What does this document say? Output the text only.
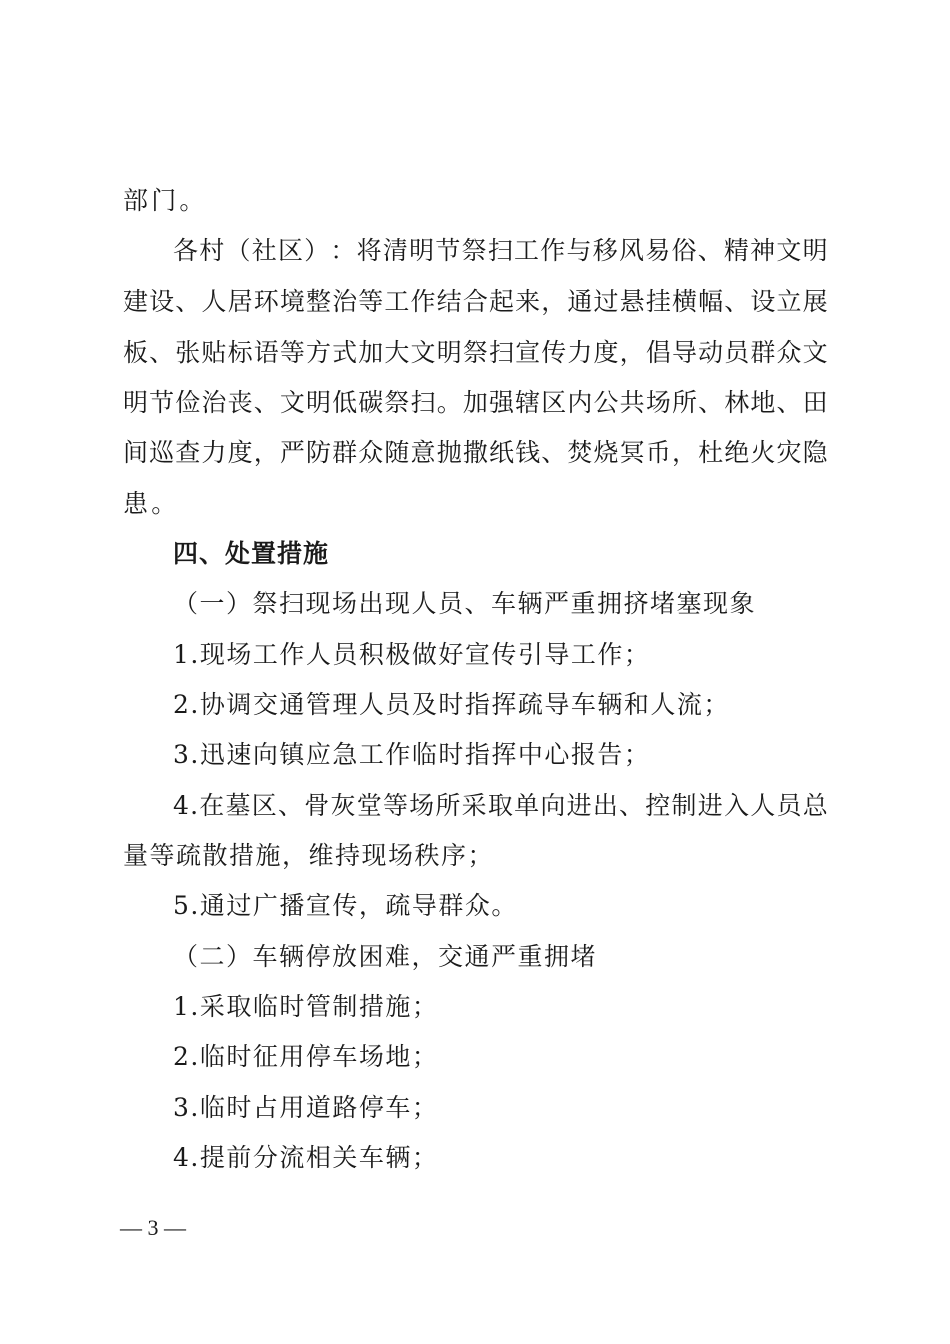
部门。
各 村 （ 社 区 ） ： 将 清 明 节 祭 扫 工 作 与 移 风 易 俗 、 精 神 文 明
建 设 、 人 居 环 境 整 治 等 工 作 结 合 起 来 ， 通 过 悬 挂 横 幅 、 设 立 展
板 、 张 贴 标 语 等 方 式 加 大 文 明 祭 扫 宣 传 力 度 ， 倡 导 动 员 群 众 文
明 节 俭 治 丧 、 文 明 低 碳 祭 扫 。 加 强 辖 区 内 公 共 场 所 、 林 地 、 田
间 巡 查 力 度 ， 严 防 群 众 随 意 抛 撒 纸 钱 、 焚 烧 冥 币 ， 杜 绝 火 灾 隐
患。
四、处置措施
（一）祭扫现场出现人员、车辆严重拥挤堵塞现象
1.现场工作人员积极做好宣传引导工作；
2.协调交通管理人员及时指挥疏导车辆和人流；
3.迅速向镇应急工作临时指挥中心报告；
4 . 在 墓 区 、 骨 灰 堂 等 场 所 采 取 单 向 进 出 、 控 制 进 入 人 员 总
量等疏散措施，维持现场秩序；
5.通过广播宣传，疏导群众。
（二）车辆停放困难，交通严重拥堵
1.采取临时管制措施；
2.临时征用停车场地；
3.临时占用道路停车；
4.提前分流相关车辆；
— 3 —
